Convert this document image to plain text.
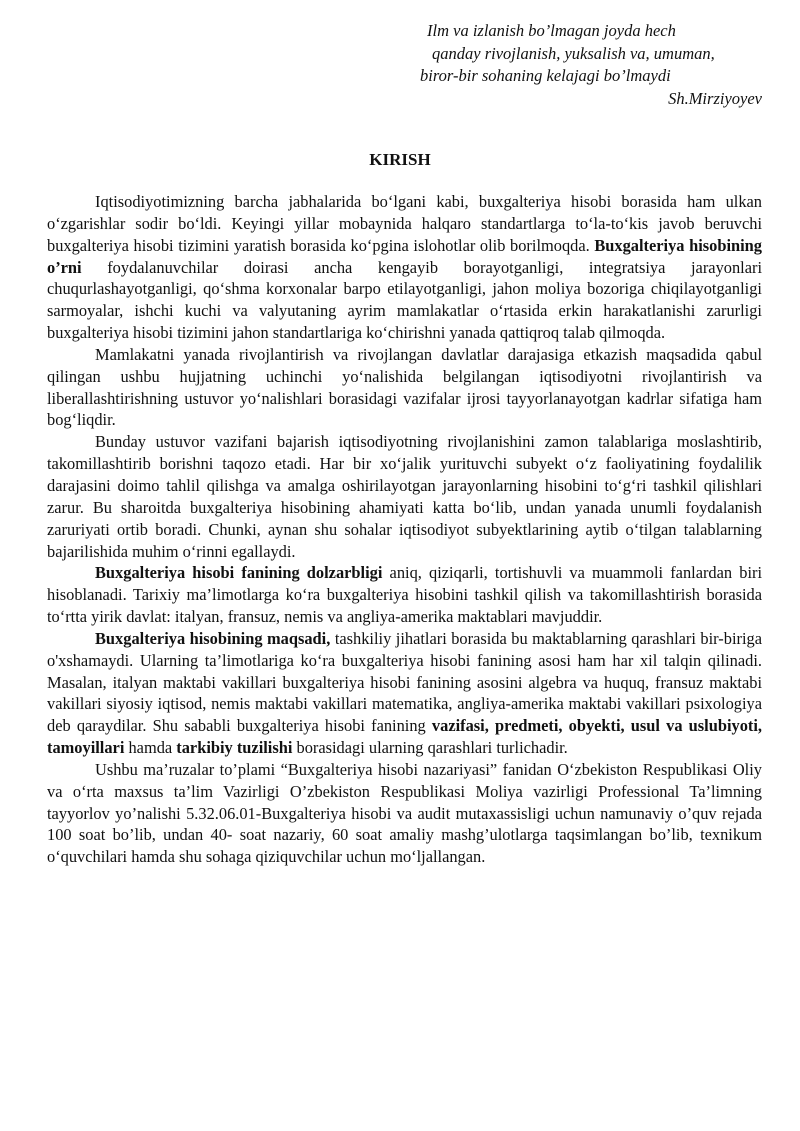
Ilm va izlanish bo’lmagan joyda hech
qanday rivojlanish, yuksalish va, umuman,
biror-bir sohaning kelajagi bo’lmaydi
Sh.Mirziyoyev
KIRISH

Iqtisodiyotimizning barcha jabhalarida bo‘lgani kabi, buxgalteriya hisobi borasida ham ulkan o‘zgarishlar sodir bo‘ldi. Keyingi yillar mobaynida halqaro standartlarga to‘la-to‘kis javob beruvchi buxgalteriya hisobi tizimini yaratish borasida ko‘pgina islohotlar olib borilmoqda. Buxgalteriya hisobining o’rni foydalanuvchilar doirasi ancha kengayib borayotganligi, integratsiya jarayonlari chuqurlashayotganligi, qo‘shma korxonalar barpo etilayotganligi, jahon moliya bozoriga chiqilayotganligi sarmoyalar, ishchi kuchi va valyutaning ayrim mamlakatlar o‘rtasida erkin harakatlanishi zarurligi buxgalteriya hisobi tizimini jahon standartlariga ko‘chirishni yanada qattiqroq talab qilmoqda.

Mamlakatni yanada rivojlantirish va rivojlangan davlatlar darajasiga etkazish maqsadida qabul qilingan ushbu hujjatning uchinchi yo‘nalishida belgilangan iqtisodiyotni rivojlantirish va liberallashtirishning ustuvor yo‘nalishlari borasidagi vazifalar ijrosi tayyorlanayotgan kadrlar sifatiga ham bog‘liqdir.

Bunday ustuvor vazifani bajarish iqtisodiyotning rivojlanishini zamon talablariga moslashtirib, takomillashtirib borishni taqozo etadi. Har bir xo‘jalik yurituvchi subyekt o‘z faoliyatining foydalilik darajasini doimo tahlil qilishga va amalga oshirilayotgan jarayonlarning hisobini to‘g‘ri tashkil qilishlari zarur. Bu sharoitda buxgalteriya hisobining ahamiyati katta bo‘lib, undan yanada unumli foydalanish zaruriyati ortib boradi. Chunki, aynan shu sohalar iqtisodiyot subyektlarining aytib o‘tilgan talablarning bajarilishida muhim o‘rinni egallaydi.

Buxgalteriya hisobi fanining dolzarbligi aniq, qiziqarli, tortishuvli va muammoli fanlardan biri hisoblanadi. Tarixiy ma’limotlarga ko‘ra buxgalteriya hisobini tashkil qilish va takomillashtirish borasida to‘rtta yirik davlat: italyan, fransuz, nemis va angliya-amerika maktablari mavjuddir.

Buxgalteriya hisobining maqsadi, tashkiliy jihatlari borasida bu maktablarning qarashlari bir-biriga o'xshamaydi. Ularning ta’limotlariga ko‘ra buxgalteriya hisobi fanining asosi ham har xil talqin qilinadi. Masalan, italyan maktabi vakillari buxgalteriya hisobi fanining asosini algebra va huquq, fransuz maktabi vakillari siyosiy iqtisod, nemis maktabi vakillari matematika, angliya-amerika maktabi vakillari psixologiya deb qaraydilar. Shu sababli buxgalteriya hisobi fanining vazifasi, predmeti, obyekti, usul va uslubiyoti, tamoyillari hamda tarkibiy tuzilishi borasidagi ularning qarashlari turlichadir.

Ushbu ma’ruzalar to’plami “Buxgalteriya hisobi nazariyasi” fanidan O‘zbekiston Respublikasi Oliy va o‘rta maxsus ta’lim Vazirligi O’zbekiston Respublikasi Moliya vazirligi Professional Ta’limning tayyorlov yo’nalishi 5.32.06.01-Buxgalteriya hisobi va audit mutaxassisligi uchun namunaviy o’quv rejada 100 soat bo’lib, undan 40- soat nazariy, 60 soat amaliy mashg’ulotlarga taqsimlangan bo’lib, texnikum o‘quvchilari hamda shu sohaga qiziquvchilar uchun mo‘ljallangan.
